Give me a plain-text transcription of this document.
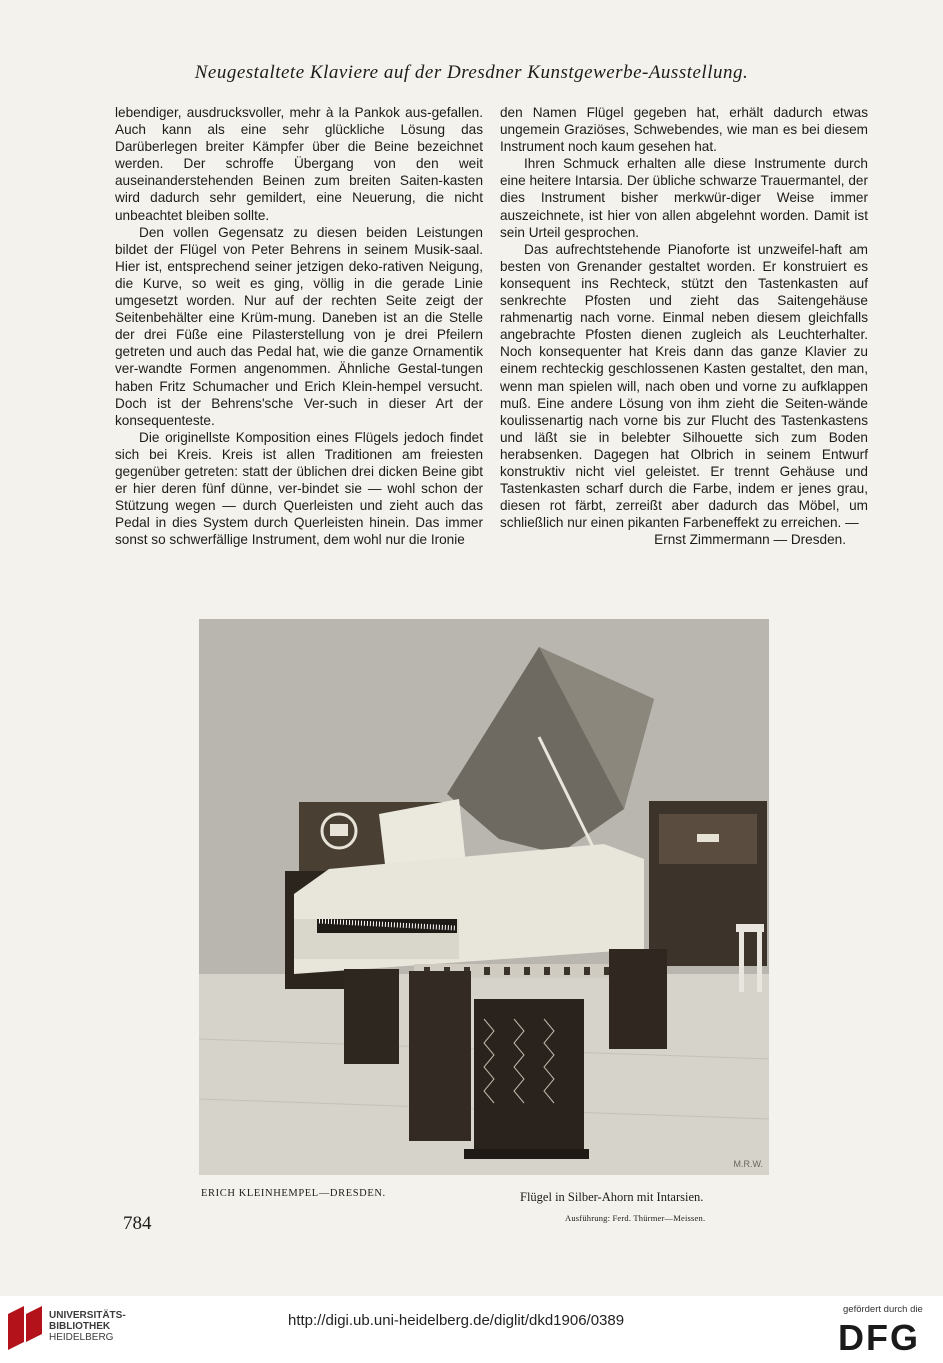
Neugestaltete Klaviere auf der Dresdner Kunstgewerbe-Ausstellung.

lebendiger, ausdrucksvoller, mehr à la Pankok aus-gefallen. Auch kann als eine sehr glückliche Lösung das Darüberlegen breiter Kämpfer über die Beine bezeichnet werden. Der schroffe Übergang von den weit auseinanderstehenden Beinen zum breiten Saiten-kasten wird dadurch sehr gemildert, eine Neuerung, die nicht unbeachtet bleiben sollte.

Den vollen Gegensatz zu diesen beiden Leistungen bildet der Flügel von Peter Behrens in seinem Musik-saal. Hier ist, entsprechend seiner jetzigen deko-rativen Neigung, die Kurve, so weit es ging, völlig in die gerade Linie umgesetzt worden. Nur auf der rechten Seite zeigt der Seitenbehälter eine Krüm-mung. Daneben ist an die Stelle der drei Füße eine Pilasterstellung von je drei Pfeilern getreten und auch das Pedal hat, wie die ganze Ornamentik ver-wandte Formen angenommen. Ähnliche Gestal-tungen haben Fritz Schumacher und Erich Klein-hempel versucht. Doch ist der Behrens'sche Ver-such in dieser Art der konsequenteste.

Die originellste Komposition eines Flügels jedoch findet sich bei Kreis. Kreis ist allen Traditionen am freiesten gegenüber getreten: statt der üblichen drei dicken Beine gibt er hier deren fünf dünne, ver-bindet sie — wohl schon der Stützung wegen — durch Querleisten und zieht auch das Pedal in dies System durch Querleisten hinein. Das immer sonst so schwerfällige Instrument, dem wohl nur die Ironie

den Namen Flügel gegeben hat, erhält dadurch etwas ungemein Graziöses, Schwebendes, wie man es bei diesem Instrument noch kaum gesehen hat.

Ihren Schmuck erhalten alle diese Instrumente durch eine heitere Intarsia. Der übliche schwarze Trauermantel, der dies Instrument bisher merkwür-diger Weise immer auszeichnete, ist hier von allen abgelehnt worden. Damit ist sein Urteil gesprochen.

Das aufrechtstehende Pianoforte ist unzweifel-haft am besten von Grenander gestaltet worden. Er konstruiert es konsequent ins Rechteck, stützt den Tastenkasten auf senkrechte Pfosten und zieht das Saitengehäuse rahmenartig nach vorne. Einmal neben diesem gleichfalls angebrachte Pfosten dienen zugleich als Leuchterhalter. Noch konsequenter hat Kreis dann das ganze Klavier zu einem rechteckig geschlossenen Kasten gestaltet, den man, wenn man spielen will, nach oben und vorne zu aufklappen muß. Eine andere Lösung von ihm zieht die Seiten-wände koulissenartig nach vorne bis zur Flucht des Tastenkastens und läßt sie in belebter Silhouette sich zum Boden herabsenken. Dagegen hat Olbrich in seinem Entwurf konstruktiv nicht viel geleistet. Er trennt Gehäuse und Tastenkasten scharf durch die Farbe, indem er jenes grau, diesen rot färbt, zerreißt aber dadurch das Möbel, um schließlich nur einen pikanten Farbeneffekt zu erreichen. —

Ernst Zimmermann — Dresden.

M.R.W.
ERICH KLEINHEMPEL—DRESDEN.	Flügel in Silber-Ahorn mit Intarsien.
Ausführung: Ferd. Thürmer—Meissen.
784
UNIVERSITÄTS-
BIBLIOTHEK
HEIDELBERG
http://digi.ub.uni-heidelberg.de/diglit/dkd1906/0389
gefördert durch die
DFG
